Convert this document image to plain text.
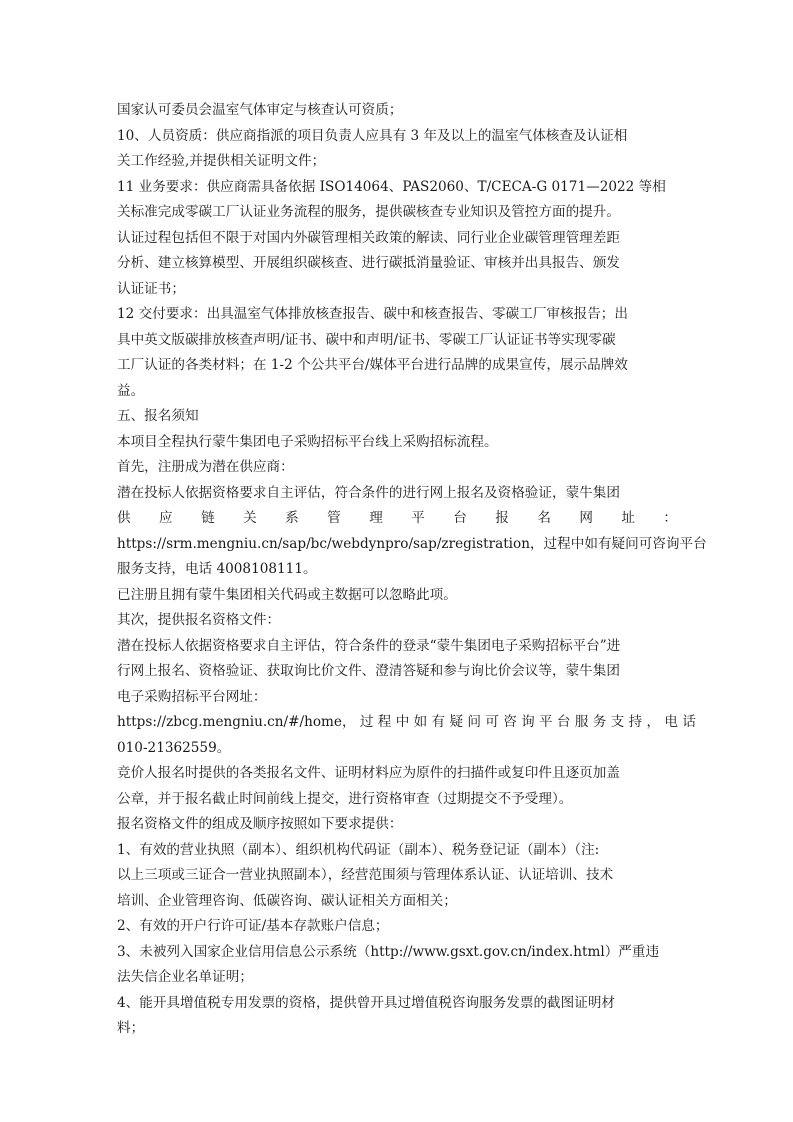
国家认可委员会温室气体审定与核查认可资质；
10、人员资质：供应商指派的项目负责人应具有 3 年及以上的温室气体核查及认证相
关工作经验,并提供相关证明文件；
11 业务要求：供应商需具备依据 ISO14064、PAS2060、T/CECA-G 0171—2022 等相
关标准完成零碳工厂认证业务流程的服务，提供碳核查专业知识及管控方面的提升。
认证过程包括但不限于对国内外碳管理相关政策的解读、同行业企业碳管理管理差距
分析、建立核算模型、开展组织碳核查、进行碳抵消量验证、审核并出具报告、颁发
认证证书；
12 交付要求：出具温室气体排放核查报告、碳中和核查报告、零碳工厂审核报告；出
具中英文版碳排放核查声明/证书、碳中和声明/证书、零碳工厂认证证书等实现零碳
工厂认证的各类材料；在 1-2 个公共平台/媒体平台进行品牌的成果宣传，展示品牌效
益。
五、报名须知
本项目全程执行蒙牛集团电子采购招标平台线上采购招标流程。
首先，注册成为潜在供应商：
潜在投标人依据资格要求自主评估，符合条件的进行网上报名及资格验证，蒙牛集团
供 应 链 关 系 管 理 平 台 报 名 网 址 ：
https://srm.mengniu.cn/sap/bc/webdynpro/sap/zregistration，过程中如有疑问可咨询平台
服务支持，电话 4008108111。
已注册且拥有蒙牛集团相关代码或主数据可以忽略此项。
其次，提供报名资格文件：
潜在投标人依据资格要求自主评估，符合条件的登录“蒙牛集团电子采购招标平台”进
行网上报名、资格验证、获取询比价文件、澄清答疑和参与询比价会议等，蒙牛集团
电子采购招标平台网址：
https://zbcg.mengniu.cn/#/home， 过 程 中 如 有 疑 问 可 咨 询 平 台 服 务 支 持 ， 电 话
010-21362559。
竞价人报名时提供的各类报名文件、证明材料应为原件的扫描件或复印件且逐页加盖
公章，并于报名截止时间前线上提交，进行资格审查（过期提交不予受理）。
报名资格文件的组成及顺序按照如下要求提供：
1、有效的营业执照（副本）、组织机构代码证（副本）、税务登记证（副本）（注:
以上三项或三证合一营业执照副本），经营范围须与管理体系认证、认证培训、技术
培训、企业管理咨询、低碳咨询、碳认证相关方面相关；
2、有效的开户行许可证/基本存款账户信息；
3、未被列入国家企业信用信息公示系统（http://www.gsxt.gov.cn/index.html）严重违
法失信企业名单证明；
4、能开具增值税专用发票的资格，提供曾开具过增值税咨询服务发票的截图证明材
料；
